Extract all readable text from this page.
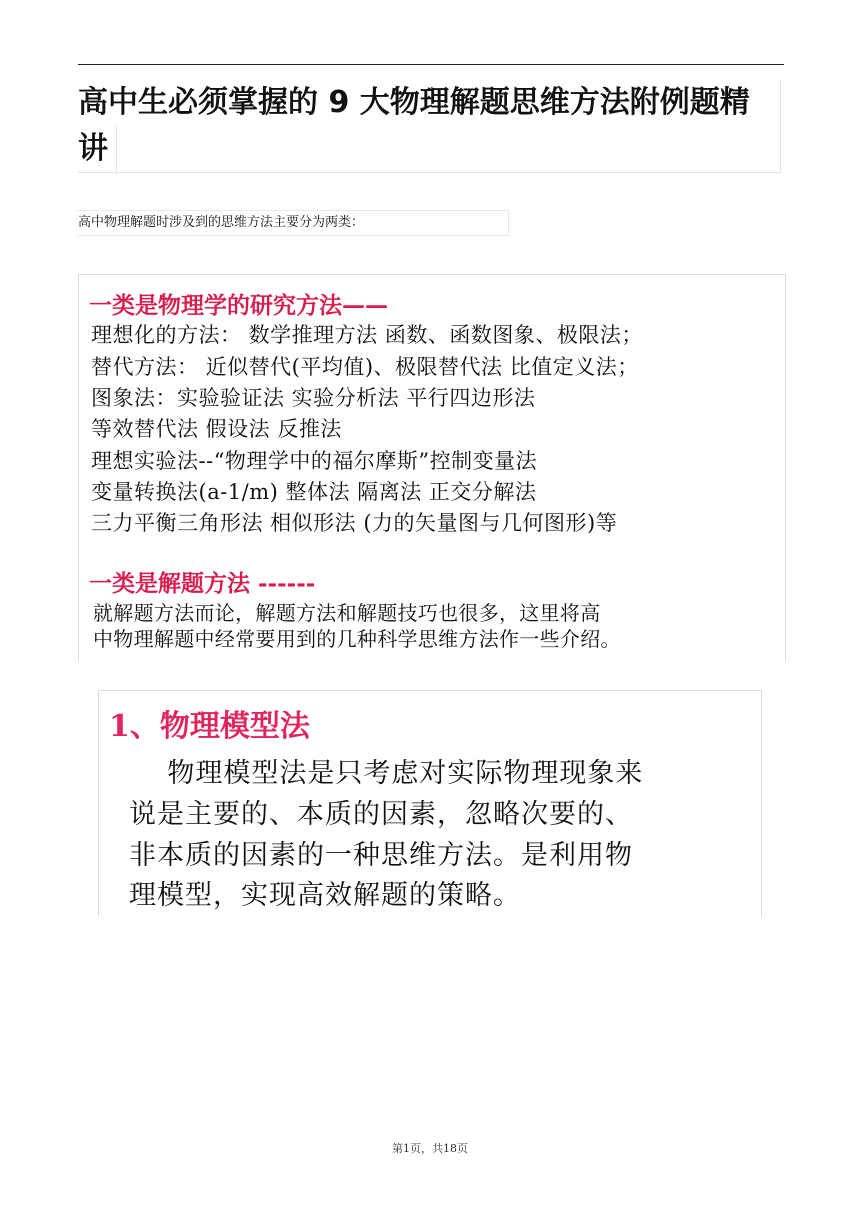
高中生必须掌握的 9 大物理解题思维方法附例题精
讲
高中物理解题时涉及到的思维方法主要分为两类：
一类是物理学的研究方法——
理想化的方法： 数学推理方法 函数、函数图象、极限法；
替代方法： 近似替代(平均值)、极限替代法 比值定义法；
图象法：实验验证法 实验分析法 平行四边形法
等效替代法 假设法 反推法
理想实验法--“物理学中的福尔摩斯”控制变量法
变量转换法(a-1/m) 整体法 隔离法 正交分解法
三力平衡三角形法 相似形法 (力的矢量图与几何图形)等
一类是解题方法 ------
就解题方法而论，解题方法和解题技巧也很多，这里将高
中物理解题中经常要用到的几种科学思维方法作一些介绍。
1、物理模型法
物理模型法是只考虑对实际物理现象来
说是主要的、本质的因素，忽略次要的、
非本质的因素的一种思维方法。是利用物
理模型，实现高效解题的策略。
第1页，共18页
